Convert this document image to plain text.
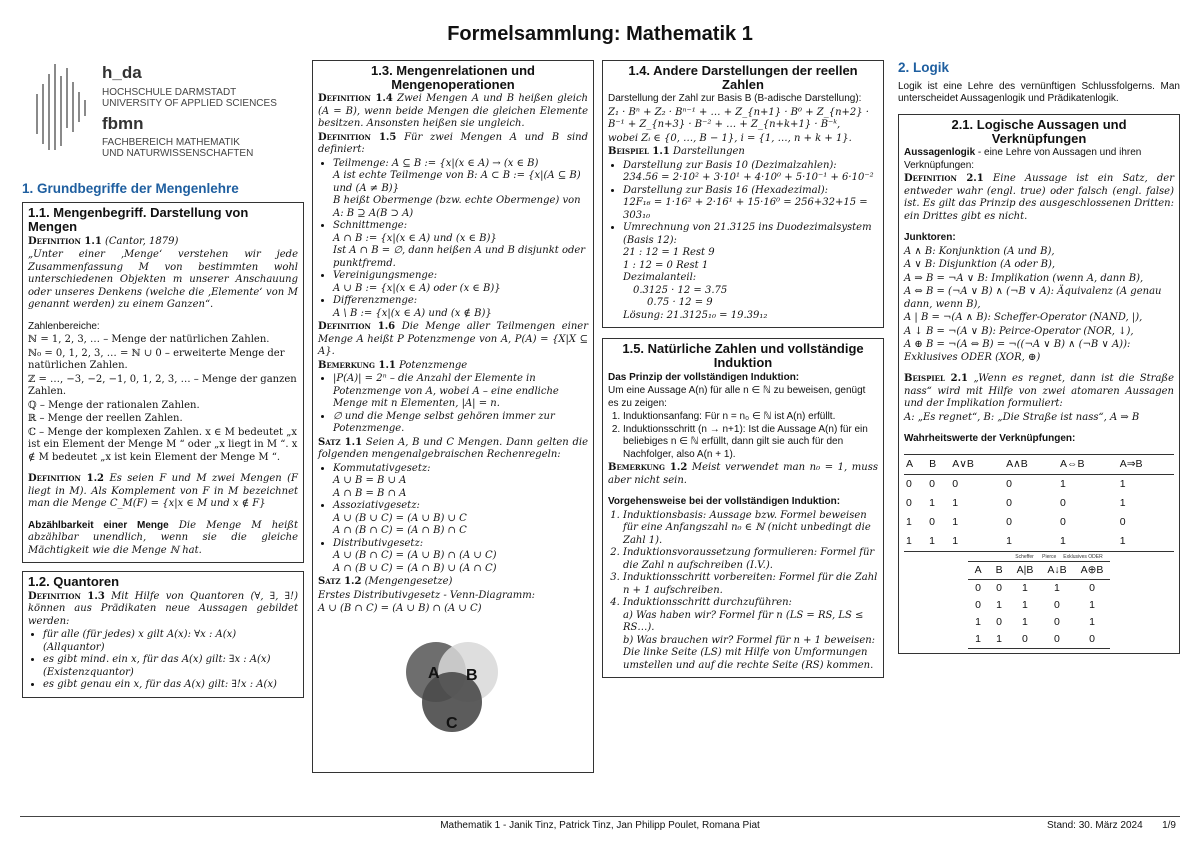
Formelsammlung: Mathematik 1
h_da
HOCHSCHULE DARMSTADT
UNIVERSITY OF APPLIED SCIENCES
fbmn
FACHBEREICH MATHEMATIK
UND NATURWISSENSCHAFTEN
1. Grundbegriffe der Mengenlehre
1.1. Mengenbegriff. Darstellung von Mengen

Definition 1.1 (Cantor, 1879)

„Unter einer ‚Menge‘ verstehen wir jede Zusammenfassung M von bestimmten wohl unterschiedenen Objekten m unserer Anschauung oder unseres Denkens (welche die ‚Elemente‘ von M genannt werden) zu einem Ganzen“.

Zahlenbereiche:

ℕ = 1, 2, 3, … – Menge der natürlichen Zahlen.

ℕ₀ = 0, 1, 2, 3, … = ℕ ∪ 0 – erweiterte Menge der natürlichen Zahlen.

ℤ = …, −3, −2, −1, 0, 1, 2, 3, … – Menge der ganzen Zahlen.

ℚ – Menge der rationalen Zahlen.

ℝ – Menge der reellen Zahlen.

ℂ – Menge der komplexen Zahlen. x ∈ M bedeutet „x ist ein Element der Menge M “ oder „x liegt in M “. x ∉ M bedeutet „x ist kein Element der Menge M “.

Definition 1.2 Es seien F und M zwei Mengen (F liegt in M). Als Komplement von F in M bezeichnet man die Menge C_M(F) = {x|x ∈ M und x ∉ F}

Abzählbarkeit einer Menge Die Menge M heißt abzählbar unendlich, wenn sie die gleiche Mächtigkeit wie die Menge ℕ hat.

1.2. Quantoren

Definition 1.3 Mit Hilfe von Quantoren (∀, ∃, ∃!) können aus Prädikaten neue Aussagen gebildet werden:

• für alle (für jedes) x gilt A(x): ∀x : A(x) (Allquantor)
• es gibt mind. ein x, für das A(x) gilt: ∃x : A(x) (Existenzquantor)
• es gibt genau ein x, für das A(x) gilt: ∃!x : A(x)
1.3. Mengenrelationen und Mengenoperationen

Definition 1.4 Zwei Mengen A und B heißen gleich (A = B), wenn beide Mengen die gleichen Elemente besitzen. Ansonsten heißen sie ungleich.

Definition 1.5 Für zwei Mengen A und B sind definiert:

• Teilmenge: A ⊆ B := {x|(x ∈ A) → (x ∈ B)
A ist echte Teilmenge von B: A ⊂ B := {x|(A ⊆ B) und (A ≠ B)}
B heißt Obermenge (bzw. echte Obermenge) von A: B ⊇ A(B ⊃ A)
• Schnittmenge:
A ∩ B := {x|(x ∈ A) und (x ∈ B)}
Ist A ∩ B = ∅, dann heißen A und B disjunkt oder punktfremd.
• Vereinigungsmenge:
A ∪ B := {x|(x ∈ A) oder (x ∈ B)}
• Differenzmenge:
A \ B := {x|(x ∈ A) und (x ∉ B)}

Definition 1.6 Die Menge aller Teilmengen einer Menge A heißt P Potenzmenge von A, P(A) = {X|X ⊆ A}.

Bemerkung 1.1 Potenzmenge

• |P(A)| = 2ⁿ – die Anzahl der Elemente in Potenzmenge von A, wobei A – eine endliche Menge mit n Elementen, |A| = n.
• ∅ und die Menge selbst gehören immer zur Potenzmenge.

Satz 1.1 Seien A, B und C Mengen. Dann gelten die folgenden mengenalgebraischen Rechenregeln:

• Kommutativgesetz:
A ∪ B = B ∪ A
A ∩ B = B ∩ A
• Assoziativgesetz:
A ∪ (B ∪ C) = (A ∪ B) ∪ C
A ∩ (B ∩ C) = (A ∩ B) ∩ C
• Distributivgesetz:
A ∪ (B ∩ C) = (A ∪ B) ∩ (A ∪ C)
A ∩ (B ∪ C) = (A ∩ B) ∪ (A ∩ C)

Satz 1.2 (Mengengesetze)

Erstes Distributivgesetz - Venn-Diagramm:

A ∪ (B ∩ C) = (A ∪ B) ∩ (A ∪ C)

A B
C
1.4. Andere Darstellungen der reellen Zahlen

Darstellung der Zahl zur Basis B (B-adische Darstellung):

Z₁ · Bⁿ + Z₂ · Bⁿ⁻¹ + … + Z_{n+1} · B⁰ + Z_{n+2} · B⁻¹ + Z_{n+3} · B⁻² + … + Z_{n+k+1} · B⁻ᵏ,

wobei Zᵢ ∈ {0, …, B − 1}, i = {1, …, n + k + 1}.

Beispiel 1.1 Darstellungen

• Darstellung zur Basis 10 (Dezimalzahlen):
234.56 = 2·10² + 3·10¹ + 4·10⁰ + 5·10⁻¹ + 6·10⁻²
• Darstellung zur Basis 16 (Hexadezimal):
12F₁₆ = 1·16² + 2·16¹ + 15·16⁰ = 256+32+15 = 303₁₀
• Umrechnung von 21.3125 ins Duodezimalsystem (Basis 12):
21 : 12 = 1 Rest 9
1 : 12 = 0 Rest 1
Dezimalanteil:
0.3125 · 12 = 3.75
0.75 · 12 = 9
Lösung: 21.3125₁₀ = 19.39₁₂
1.5. Natürliche Zahlen und vollständige Induktion

Das Prinzip der vollständigen Induktion:

Um eine Aussage A(n) für alle n ∈ ℕ zu beweisen, genügt es zu zeigen:

1. Induktionsanfang: Für n = n₀ ∈ ℕ ist A(n) erfüllt.
2. Induktionsschritt (n → n+1): Ist die Aussage A(n) für ein beliebiges n ∈ ℕ erfüllt, dann gilt sie auch für den Nachfolger, also A(n + 1).

Bemerkung 1.2 Meist verwendet man n₀ = 1, muss aber nicht sein.

Vorgehensweise bei der vollständigen Induktion:

1. Induktionsbasis: Aussage bzw. Formel beweisen für eine Anfangszahl n₀ ∈ ℕ (nicht unbedingt die Zahl 1).
2. Induktionsvoraussetzung formulieren: Formel für die Zahl n aufschreiben (I.V.).
3. Induktionsschritt vorbereiten: Formel für die Zahl n + 1 aufschreiben.
4. Induktionsschritt durchzuführen:
a) Was haben wir? Formel für n (LS = RS, LS ≤ RS…).
b) Was brauchen wir? Formel für n + 1 beweisen: Die linke Seite (LS) mit Hilfe von Umformungen umstellen und auf die rechte Seite (RS) kommen.
2. Logik

Logik ist eine Lehre des vernünftigen Schlussfolgerns. Man unterscheidet Aussagenlogik und Prädikatenlogik.

2.1. Logische Aussagen und Verknüpfungen

Aussagenlogik - eine Lehre von Aussagen und ihren Verknüpfungen:

Definition 2.1 Eine Aussage ist ein Satz, der entweder wahr (engl. true) oder falsch (engl. false) ist. Es gilt das Prinzip des ausgeschlossenen Dritten: ein Drittes gibt es nicht.

Junktoren:

A ∧ B: Konjunktion (A und B),

A ∨ B: Disjunktion (A oder B),

A ⇒ B = ¬A ∨ B: Implikation (wenn A, dann B),

A ⇔ B = (¬A ∨ B) ∧ (¬B ∨ A): Äquivalenz (A genau dann, wenn B),

A | B = ¬(A ∧ B): Scheffer-Operator (NAND, |),

A ↓ B = ¬(A ∨ B): Peirce-Operator (NOR, ↓),

A ⊕ B = ¬(A ⇔ B) = ¬((¬A ∨ B) ∧ (¬B ∨ A)): Exklusives ODER (XOR, ⊕)

Beispiel 2.1 „Wenn es regnet, dann ist die Straße nass“ wird mit Hilfe von zwei atomaren Aussagen und der Implikation formuliert:

A: „Es regnet“, B: „Die Straße ist nass“, A ⇒ B

Wahrheitswerte der Verknüpfungen:

A	B	A∨B	A∧B	A⇔B	A⇒B
0	0	0	0	1	1
0	1	1	0	0	1
1	0	1	0	0	0
1	1	1	1	1	1
Scheffer Pierce Exklusives ODER
A	B	A|B	A↓B	A⊕B
0	0	1	1	0
0	1	1	0	1
1	0	1	0	1
1	1	0	0	0
Mathematik 1 - Janik Tinz, Patrick Tinz, Jan Philipp Poulet, Romana Piat	Stand: 30. März 2024 1/9
